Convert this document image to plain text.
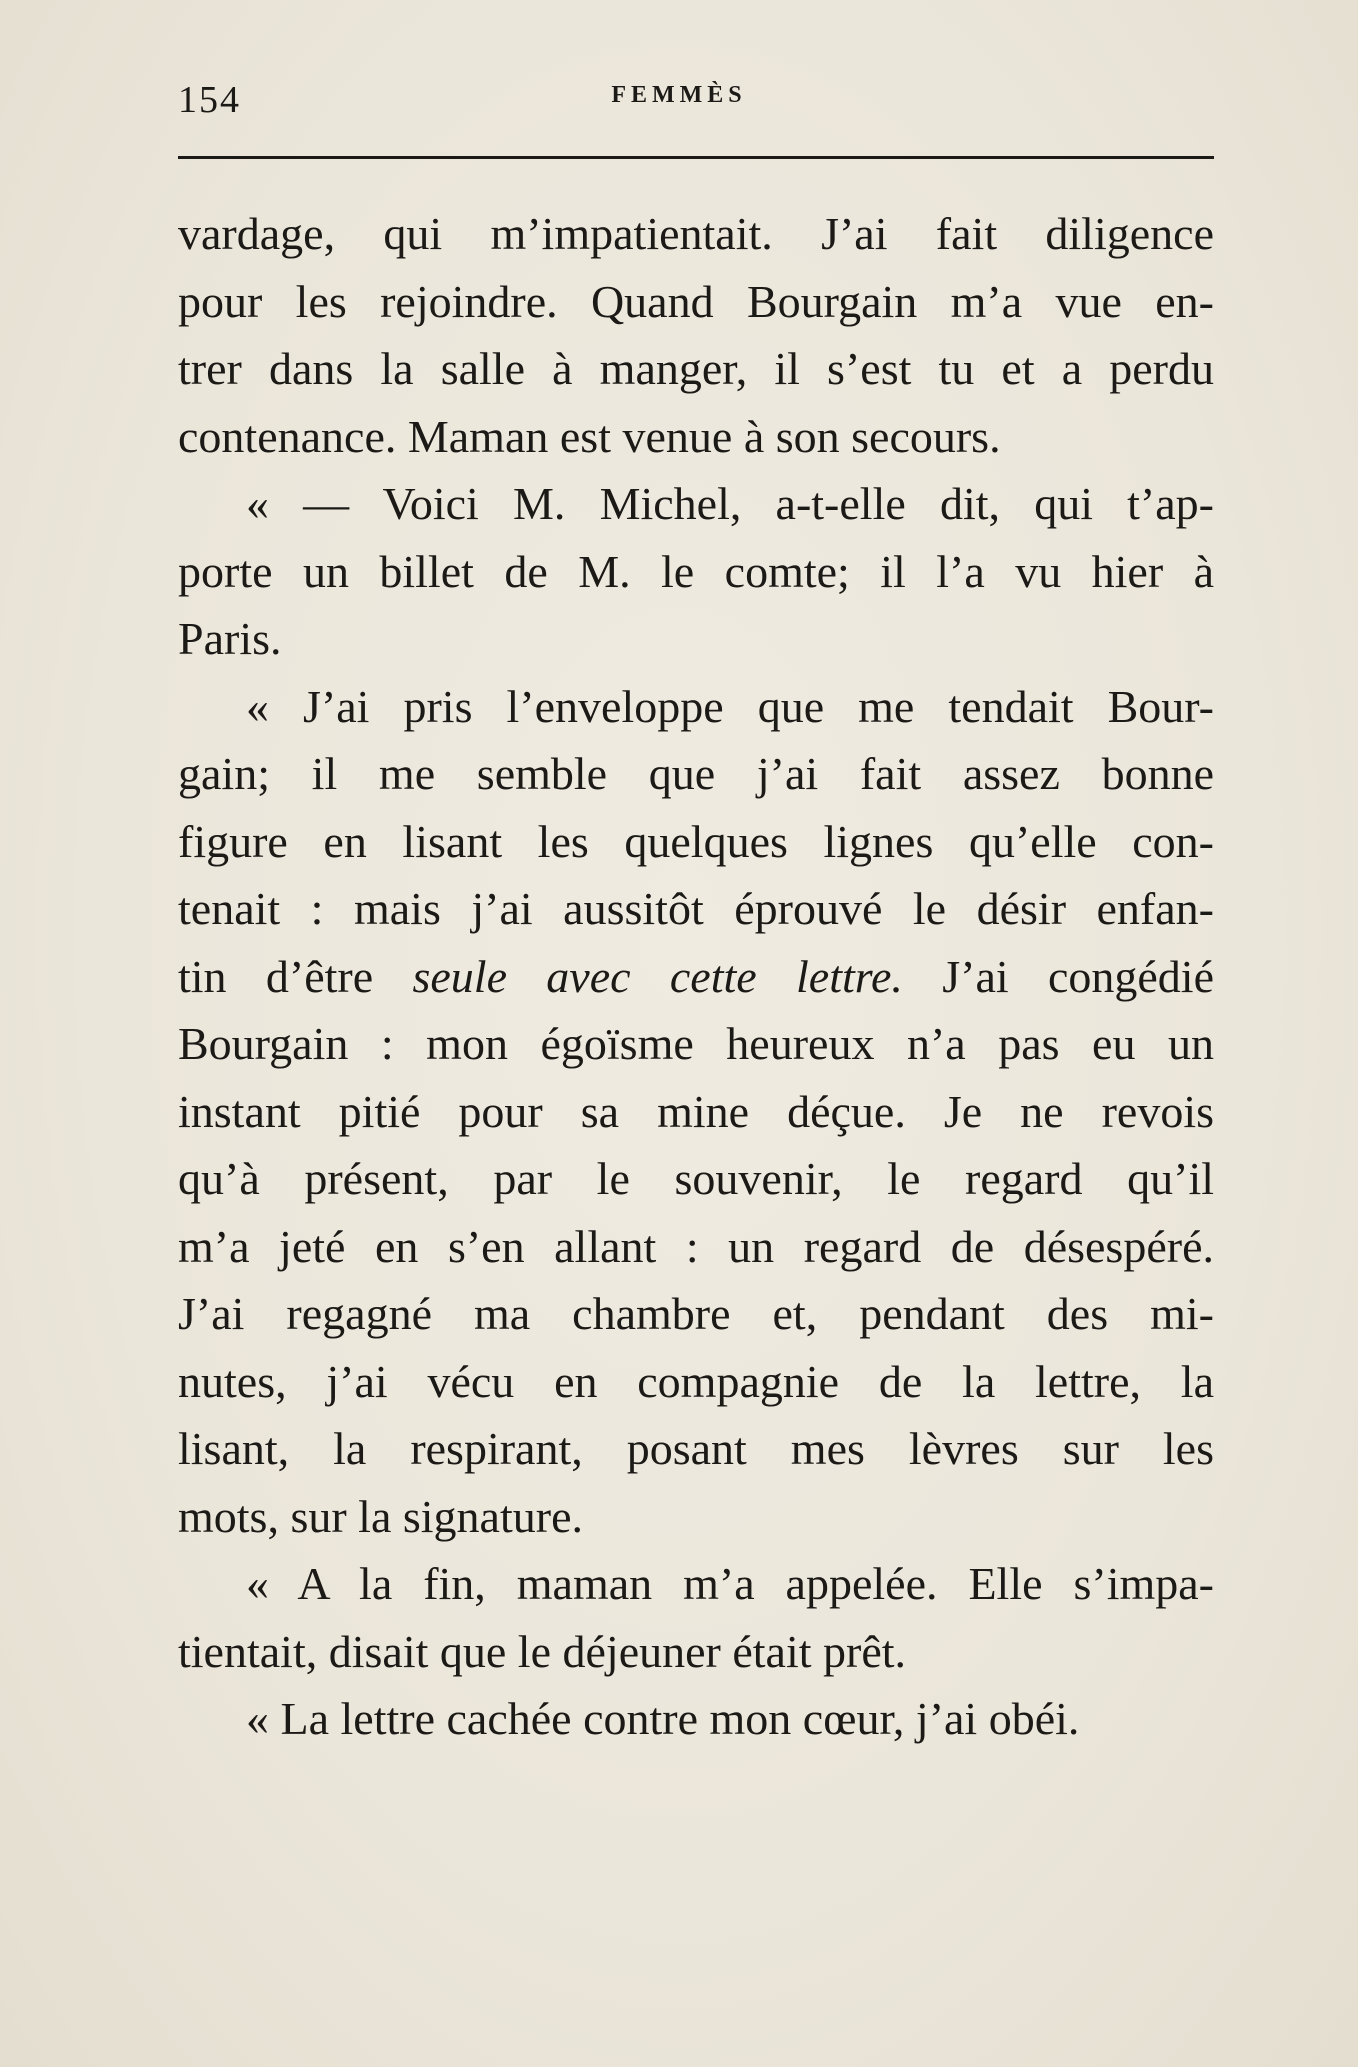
154	FEMMÈS
vardage, qui m’impatientait. J’ai fait diligence
pour les rejoindre. Quand Bourgain m’a vue en-
trer dans la salle à manger, il s’est tu et a perdu
contenance. Maman est venue à son secours.
« — Voici M. Michel, a-t-elle dit, qui t’ap-
porte un billet de M. le comte; il l’a vu hier à
Paris.
« J’ai pris l’enveloppe que me tendait Bour-
gain; il me semble que j’ai fait assez bonne
figure en lisant les quelques lignes qu’elle con-
tenait : mais j’ai aussitôt éprouvé le désir enfan-
tin d’être seule avec cette lettre. J’ai congédié
Bourgain : mon égoïsme heureux n’a pas eu un
instant pitié pour sa mine déçue. Je ne revois
qu’à présent, par le souvenir, le regard qu’il
m’a jeté en s’en allant : un regard de désespéré.
J’ai regagné ma chambre et, pendant des mi-
nutes, j’ai vécu en compagnie de la lettre, la
lisant, la respirant, posant mes lèvres sur les
mots, sur la signature.
« A la fin, maman m’a appelée. Elle s’impa-
tientait, disait que le déjeuner était prêt.
« La lettre cachée contre mon cœur, j’ai obéi.
